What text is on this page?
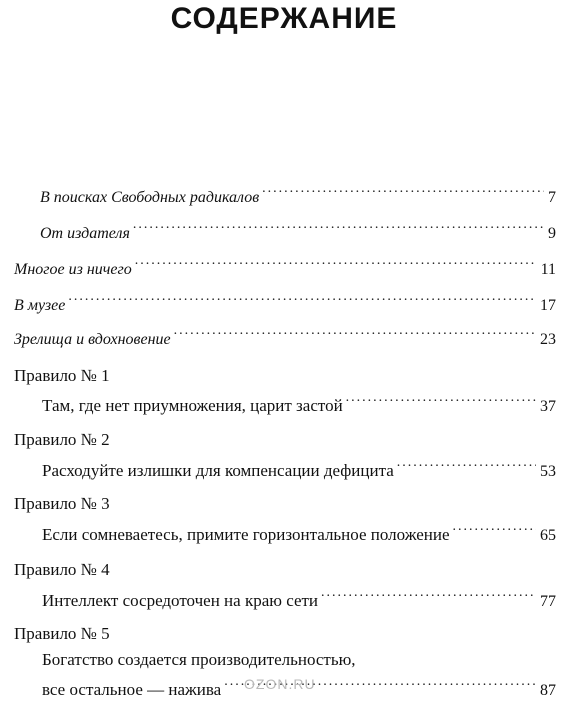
СОДЕРЖАНИЕ
В поисках Свободных радикалов .....	7
От издателя .....	9
Многое из ничего .....	11
В музее .....	17
Зрелища и вдохновение .....	23
Правило № 1
Там, где нет приумножения, царит застой .....	37
Правило № 2
Расходуйте излишки для компенсации дефицита .....	53
Правило № 3
Если сомневаетесь, примите горизонтальное положение .....	65
Правило № 4
Интеллект сосредоточен на краю сети .....	77
Правило № 5
Богатство создается производительностью,
все остальное — нажива .....	87
OZON.RU
